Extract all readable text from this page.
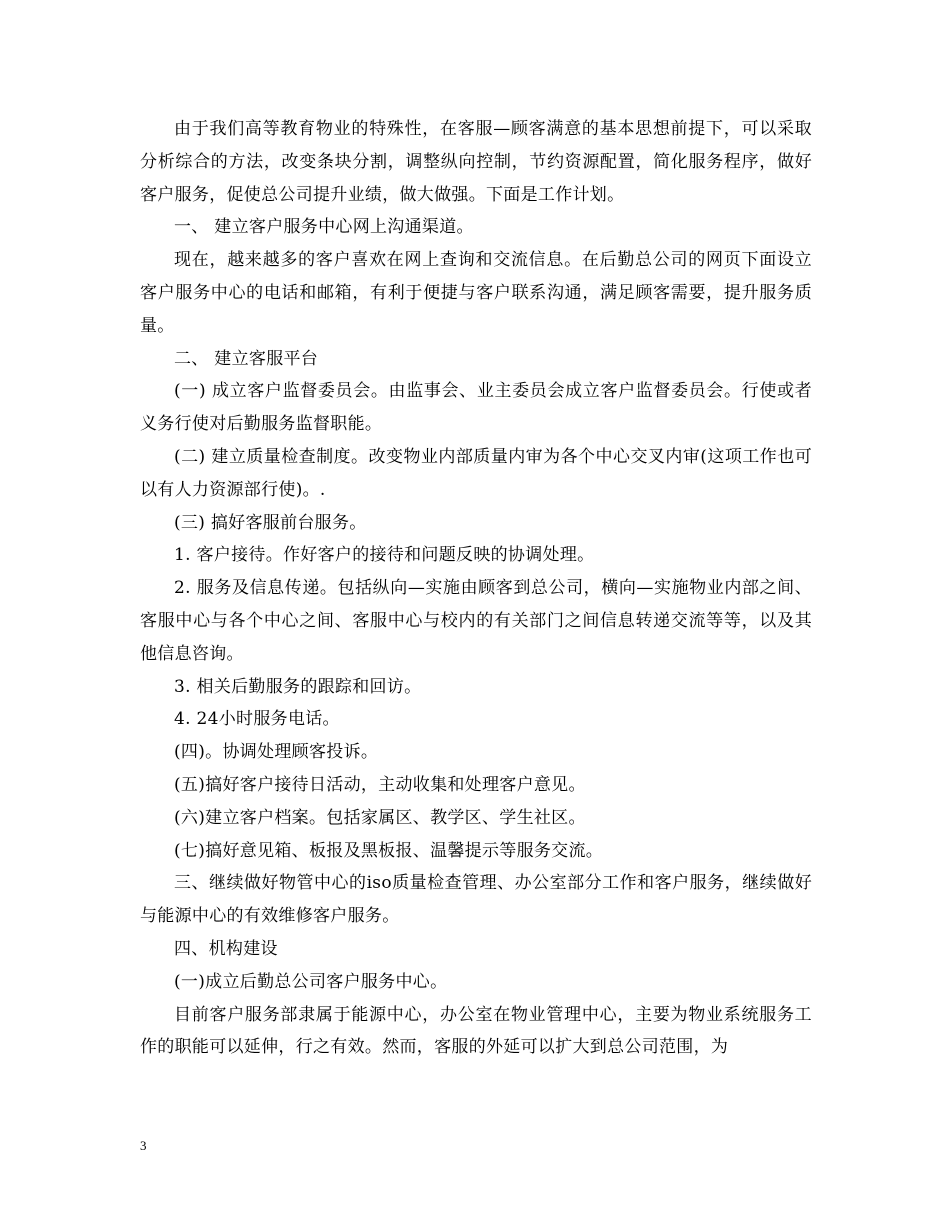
由于我们高等教育物业的特殊性，在客服—顾客满意的基本思想前提下，可以采取分析综合的方法，改变条块分割，调整纵向控制，节约资源配置，简化服务程序，做好客户服务，促使总公司提升业绩，做大做强。下面是工作计划。

一、 建立客户服务中心网上沟通渠道。

现在，越来越多的客户喜欢在网上查询和交流信息。在后勤总公司的网页下面设立客户服务中心的电话和邮箱，有利于便捷与客户联系沟通，满足顾客需要，提升服务质量。

二、 建立客服平台

(一) 成立客户监督委员会。由监事会、业主委员会成立客户监督委员会。行使或者义务行使对后勤服务监督职能。

(二) 建立质量检查制度。改变物业内部质量内审为各个中心交叉内审(这项工作也可以有人力资源部行使)。.

(三) 搞好客服前台服务。

1. 客户接待。作好客户的接待和问题反映的协调处理。

2. 服务及信息传递。包括纵向—实施由顾客到总公司，横向—实施物业内部之间、客服中心与各个中心之间、客服中心与校内的有关部门之间信息转递交流等等，以及其他信息咨询。

3. 相关后勤服务的跟踪和回访。

4. 24小时服务电话。

(四)。协调处理顾客投诉。

(五)搞好客户接待日活动，主动收集和处理客户意见。

(六)建立客户档案。包括家属区、教学区、学生社区。

(七)搞好意见箱、板报及黑板报、温馨提示等服务交流。

三、继续做好物管中心的iso质量检查管理、办公室部分工作和客户服务，继续做好与能源中心的有效维修客户服务。

四、机构建设

(一)成立后勤总公司客户服务中心。

目前客户服务部隶属于能源中心，办公室在物业管理中心，主要为物业系统服务工作的职能可以延伸，行之有效。然而，客服的外延可以扩大到总公司范围，为

3
